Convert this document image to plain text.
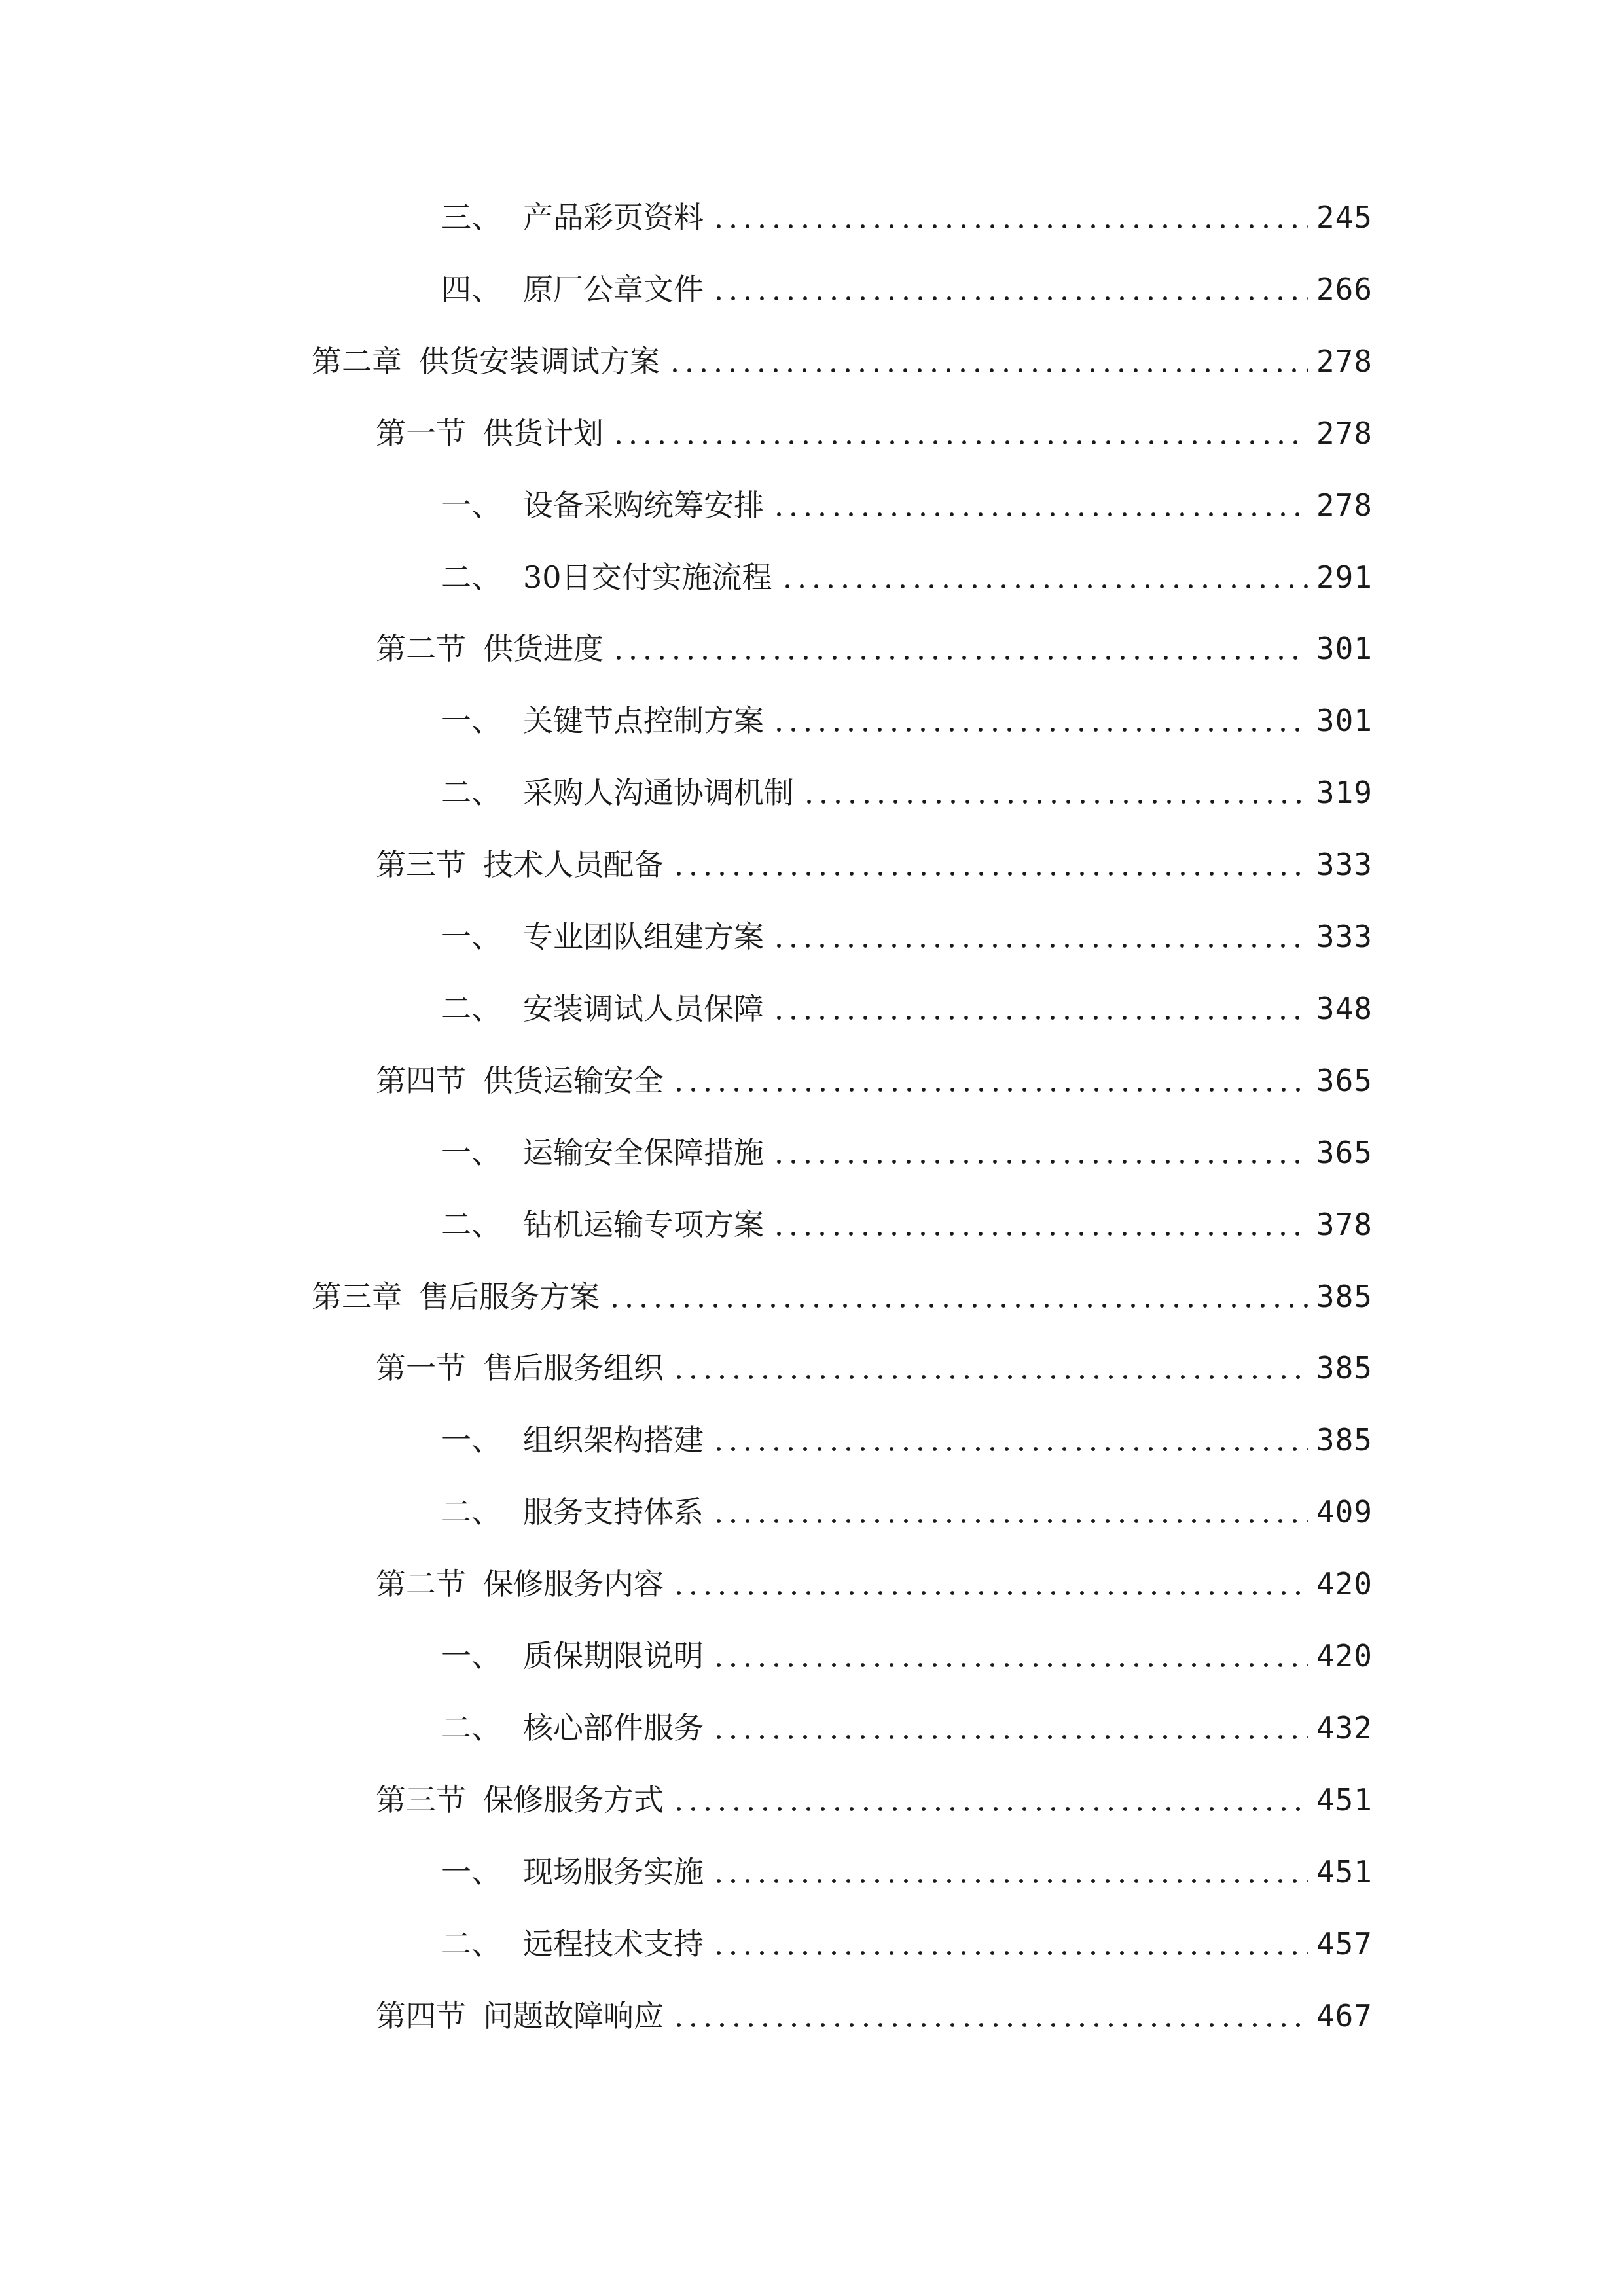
三、 产品彩页资料	245
四、 原厂公章文件	266
第二章 供货安装调试方案	278
第一节 供货计划	278
一、 设备采购统筹安排	278
二、 30日交付实施流程	291
第二节 供货进度	301
一、 关键节点控制方案	301
二、 采购人沟通协调机制	319
第三节 技术人员配备	333
一、 专业团队组建方案	333
二、 安装调试人员保障	348
第四节 供货运输安全	365
一、 运输安全保障措施	365
二、 钻机运输专项方案	378
第三章 售后服务方案	385
第一节 售后服务组织	385
一、 组织架构搭建	385
二、 服务支持体系	409
第二节 保修服务内容	420
一、 质保期限说明	420
二、 核心部件服务	432
第三节 保修服务方式	451
一、 现场服务实施	451
二、 远程技术支持	457
第四节 问题故障响应	467
